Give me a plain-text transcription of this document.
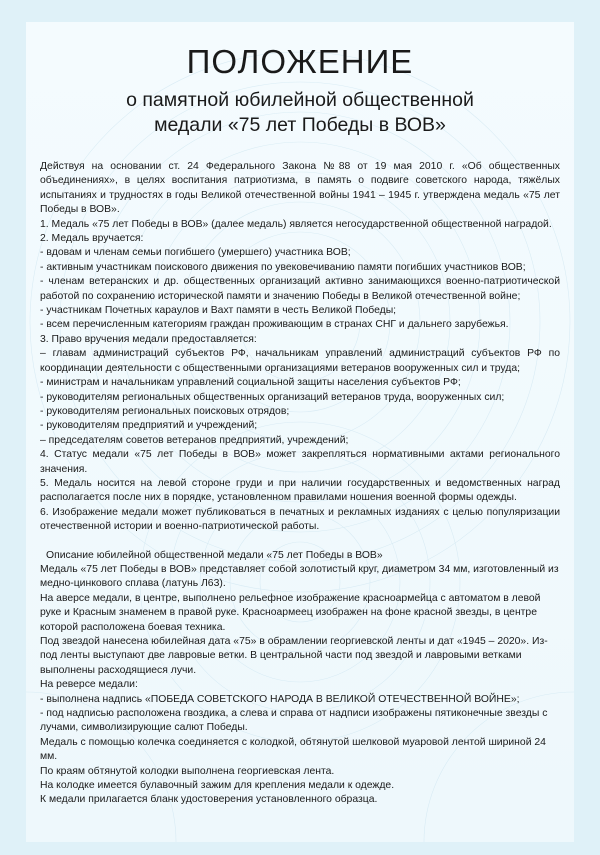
ПОЛОЖЕНИЕ
о памятной юбилейной общественной
медали «75 лет Победы в ВОВ»

Действуя на основании ст. 24 Федерального Закона №88 от 19 мая 2010 г. «Об общественных объединениях», в целях воспитания патриотизма, в память о подвиге советского народа, тяжёлых испытаниях и трудностях в годы Великой отечественной войны 1941 – 1945 г. утверждена медаль «75 лет Победы в ВОВ».

1. Медаль «75 лет Победы в ВОВ» (далее медаль) является негосударственной общественной наградой.

2. Медаль вручается:

- вдовам и членам семьи погибшего (умершего) участника ВОВ;

- активным участникам поискового движения по увековечиванию памяти погибших участников ВОВ;

- членам ветеранских и др. общественных организаций активно занимающихся военно-патриотической работой по сохранению исторической памяти и значению Победы в Великой отечественной войне;

- участникам Почетных караулов и Вахт памяти в честь Великой Победы;

- всем перечисленным категориям граждан проживающим в странах СНГ и дальнего зарубежья.

3. Право вручения медали предоставляется:

– главам администраций субъектов РФ, начальникам управлений администраций субъектов РФ по координации деятельности с общественными организациями ветеранов вооруженных сил и труда;

- министрам и начальникам управлений социальной защиты населения субъектов РФ;

- руководителям региональных общественных организаций ветеранов труда, вооруженных сил;

- руководителям региональных поисковых отрядов;

- руководителям предприятий и учреждений;

– председателям советов ветеранов предприятий, учреждений;

4. Статус медали «75 лет Победы в ВОВ» может закрепляться нормативными актами регионального значения.

5. Медаль носится на левой стороне груди и при наличии государственных и ведомственных наград располагается после них в порядке, установленном правилами ношения военной формы одежды.

6. Изображение медали может публиковаться в печатных и рекламных изданиях с целью популяризации отечественной истории и военно-патриотической работы.

Описание юбилейной общественной медали «75 лет Победы в ВОВ»

Медаль «75 лет Победы в ВОВ» представляет собой золотистый круг, диаметром 34 мм, изготовленный из медно-цинкового сплава (латунь Л63).

На аверсе медали, в центре, выполнено рельефное изображение красноармейца с автоматом в левой руке и Красным знаменем в правой руке. Красноармеец изображен на фоне красной звезды, в центре которой расположена боевая техника.

Под звездой нанесена юбилейная дата «75» в обрамлении георгиевской ленты и дат «1945 – 2020». Из-под ленты выступают две лавровые ветки. В центральной части под звездой и лавровыми ветками выполнены расходящиеся лучи.

На реверсе медали:

- выполнена надпись «ПОБЕДА СОВЕТСКОГО НАРОДА В ВЕЛИКОЙ ОТЕЧЕСТВЕННОЙ ВОЙНЕ»;

- под надписью расположена гвоздика, а слева и справа от надписи изображены пятиконечные звезды с лучами, символизирующие салют Победы.

Медаль с помощью колечка соединяется с колодкой, обтянутой шелковой муаровой лентой шириной 24 мм.

По краям обтянутой колодки выполнена георгиевская лента.

На колодке имеется булавочный зажим для крепления медали к одежде.

К медали прилагается бланк удостоверения установленного образца.
